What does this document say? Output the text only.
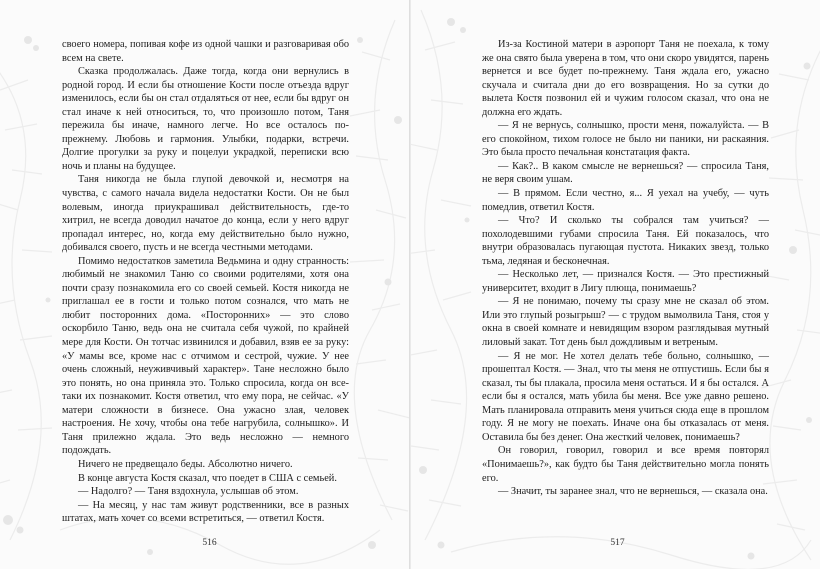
своего номера, попивая кофе из одной чашки и разговаривая обо всем на свете.

Сказка продолжалась. Даже тогда, когда они вернулись в родной город. И если бы отношение Кости после отъезда вдруг изменилось, если бы он стал отдаляться от нее, если бы вдруг он стал иначе к ней относиться, то, что произошло потом, Таня пережила бы иначе, намного легче. Но все осталось по-прежнему. Любовь и гармония. Улыбки, подарки, встречи. Долгие прогулки за руку и поцелуи украдкой, переписки всю ночь и планы на будущее.

Таня никогда не была глупой девочкой и, несмотря на чувства, с самого начала видела недостатки Кости. Он не был волевым, иногда приукрашивал действительность, где-то хитрил, не всегда доводил начатое до конца, если у него вдруг пропадал интерес, но, когда ему действительно было нужно, добивался своего, пусть и не всегда честными методами.

Помимо недостатков заметила Ведьмина и одну странность: любимый не знакомил Таню со своими родителями, хотя она почти сразу познакомила его со своей семьей. Костя никогда не приглашал ее в гости и только потом сознался, что мать не любит посторонних дома. «Посторонних» — это слово оскорбило Таню, ведь она не считала себя чужой, по крайней мере для Кости. Он тотчас извинился и добавил, взяв ее за руку: «У мамы все, кроме нас с отчимом и сестрой, чужие. У нее очень сложный, неуживчивый характер». Тане несложно было это понять, но она приняла это. Только спросила, когда он все-таки их познакомит. Костя ответил, что ему пора, не сейчас. «У матери сложности в бизнесе. Она ужасно злая, человек настроения. Не хочу, чтобы она тебе нагрубила, солнышко». И Таня прилежно ждала. Это ведь несложно — немного подождать.

Ничего не предвещало беды. Абсолютно ничего.

В конце августа Костя сказал, что поедет в США с семьей.

— Надолго? — Таня вздохнула, услышав об этом.

— На месяц, у нас там живут родственники, все в разных штатах, мать хочет со всеми встретиться, — ответил Костя.

516

Из-за Костиной матери в аэропорт Таня не поехала, к тому же она свято была уверена в том, что они скоро увидятся, парень вернется и все будет по-прежнему. Таня ждала его, ужасно скучала и считала дни до его возвращения. Но за сутки до вылета Костя позвонил ей и чужим голосом сказал, что она не должна его ждать.

— Я не вернусь, солнышко, прости меня, пожалуйста. — В его спокойном, тихом голосе не было ни паники, ни раскаяния. Это была просто печальная констатация факта.

— Как?.. В каком смысле не вернешься? — спросила Таня, не веря своим ушам.

— В прямом. Если честно, я... Я уехал на учебу, — чуть помедлив, ответил Костя.

— Что? И сколько ты собрался там учиться? — похолодевшими губами спросила Таня. Ей показалось, что внутри образовалась пугающая пустота. Никаких звезд, только тьма, ледяная и бесконечная.

— Несколько лет, — признался Костя. — Это престижный университет, входит в Лигу плюща, понимаешь?

— Я не понимаю, почему ты сразу мне не сказал об этом. Или это глупый розыгрыш? — с трудом вымолвила Таня, стоя у окна в своей комнате и невидящим взором разглядывая мутный лиловый закат. Тот день был дождливым и ветреным.

— Я не мог. Не хотел делать тебе больно, солнышко, — прошептал Костя. — Знал, что ты меня не отпустишь. Если бы я сказал, ты бы плакала, просила меня остаться. И я бы остался. А если бы я остался, мать убила бы меня. Все уже давно решено. Мать планировала отправить меня учиться сюда еще в прошлом году. Я не могу не поехать. Иначе она бы отказалась от меня. Оставила бы без денег. Она жесткий человек, понимаешь?

Он говорил, говорил, говорил и все время повторял «Понимаешь?», как будто бы Таня действительно могла понять его.

— Значит, ты заранее знал, что не вернешься, — сказала она.

517
